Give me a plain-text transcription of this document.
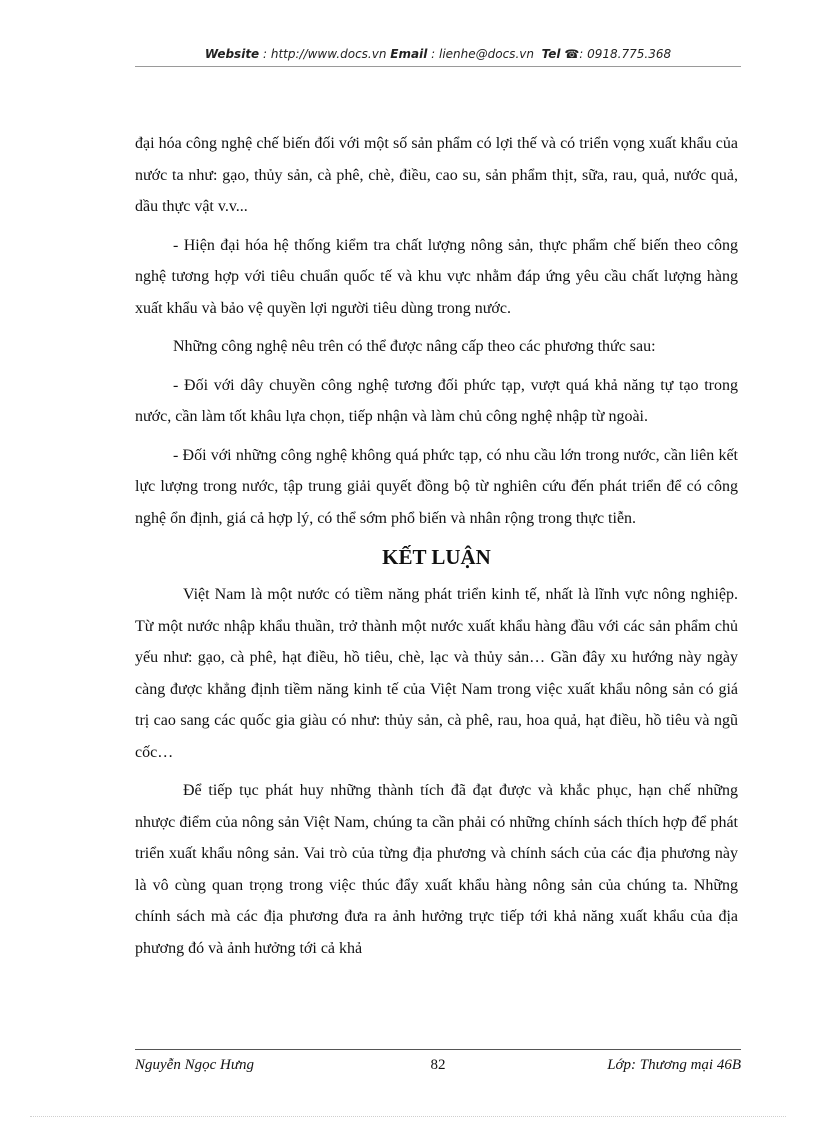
Website : http://www.docs.vn Email : lienhe@docs.vn Tel ☎: 0918.775.368

đại hóa công nghệ chế biến đối với một số sản phẩm có lợi thế và có triển vọng xuất khẩu của nước ta như: gạo, thủy sản, cà phê, chè, điều, cao su, sản phẩm thịt, sữa, rau, quả, nước quả, dầu thực vật v.v...

- Hiện đại hóa hệ thống kiểm tra chất lượng nông sản, thực phẩm chế biến theo công nghệ tương hợp với tiêu chuẩn quốc tế và khu vực nhằm đáp ứng yêu cầu chất lượng hàng xuất khẩu và bảo vệ quyền lợi người tiêu dùng trong nước.

Những công nghệ nêu trên có thể được nâng cấp theo các phương thức sau:

- Đối với dây chuyền công nghệ tương đối phức tạp, vượt quá khả năng tự tạo trong nước, cần làm tốt khâu lựa chọn, tiếp nhận và làm chủ công nghệ nhập từ ngoài.

- Đối với những công nghệ không quá phức tạp, có nhu cầu lớn trong nước, cần liên kết lực lượng trong nước, tập trung giải quyết đồng bộ từ nghiên cứu đến phát triển để có công nghệ ổn định, giá cả hợp lý, có thể sớm phổ biến và nhân rộng trong thực tiễn.

KẾT LUẬN

Việt Nam là một nước có tiềm năng phát triển kinh tế, nhất là lĩnh vực nông nghiệp. Từ một nước nhập khẩu thuần, trở thành một nước xuất khẩu hàng đầu với các sản phẩm chủ yếu như: gạo, cà phê, hạt điều, hồ tiêu, chè, lạc và thủy sản… Gần đây xu hướng này ngày càng được khẳng định tiềm năng kinh tế của Việt Nam trong việc xuất khẩu nông sản có giá trị cao sang các quốc gia giàu có như: thủy sản, cà phê, rau, hoa quả, hạt điều, hồ tiêu và ngũ cốc…

Để tiếp tục phát huy những thành tích đã đạt được và khắc phục, hạn chế những nhược điểm của nông sản Việt Nam, chúng ta cần phải có những chính sách thích hợp để phát triển xuất khẩu nông sản. Vai trò của từng địa phương và chính sách của các địa phương này là vô cùng quan trọng trong việc thúc đẩy xuất khẩu hàng nông sản của chúng ta. Những chính sách mà các địa phương đưa ra ảnh hưởng trực tiếp tới khả năng xuất khẩu của địa phương đó và ảnh hưởng tới cả khả

Nguyễn Ngọc Hưng	82	Lớp: Thương mại 46B
